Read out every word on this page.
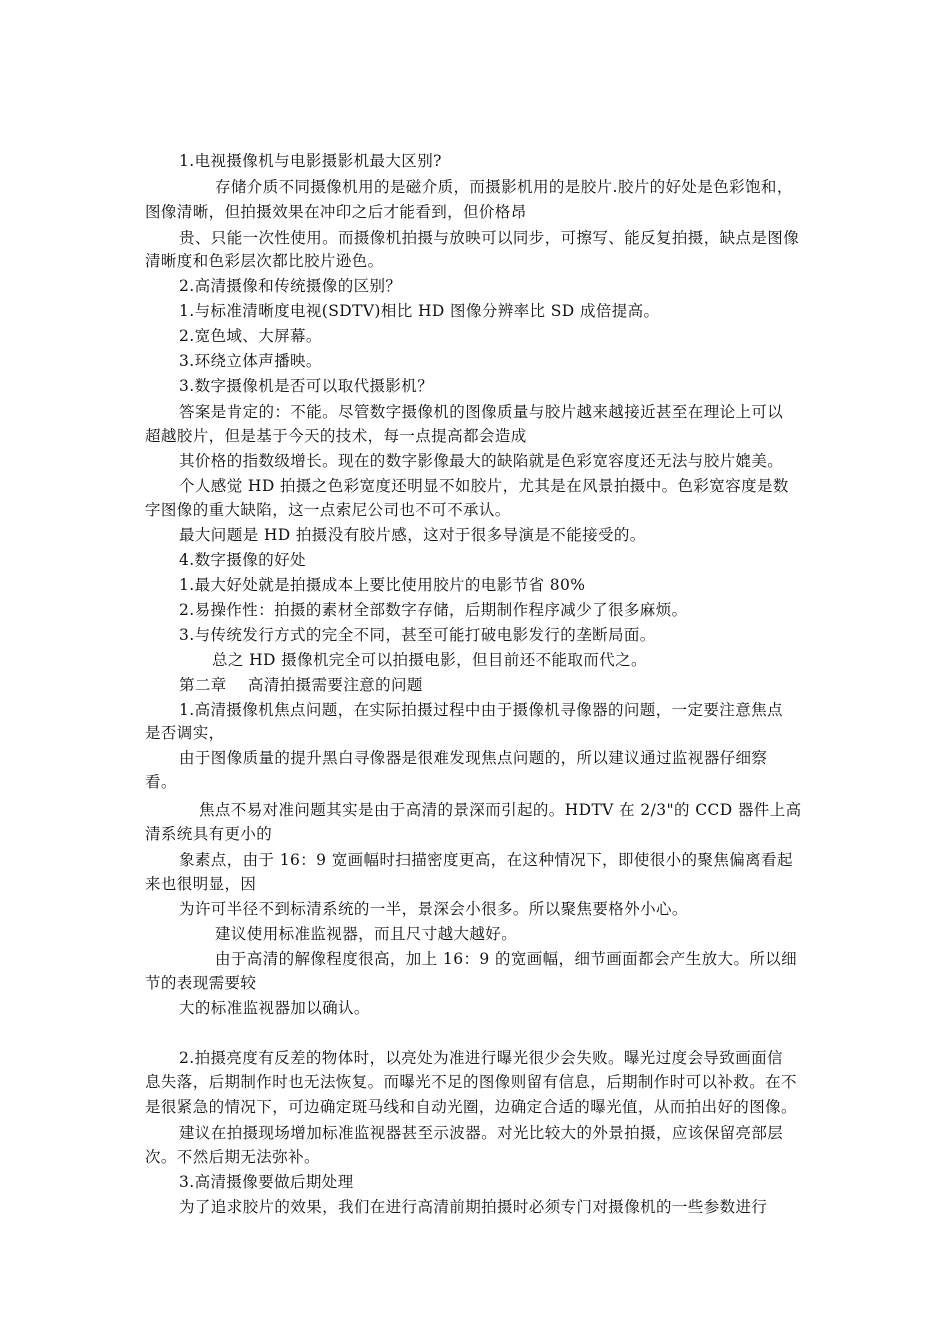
1.电视摄像机与电影摄影机最大区别?
存储介质不同摄像机用的是磁介质，而摄影机用的是胶片.胶片的好处是色彩饱和，
图像清晰，但拍摄效果在冲印之后才能看到，但价格昂
贵、只能一次性使用。而摄像机拍摄与放映可以同步，可擦写、能反复拍摄，缺点是图像
清晰度和色彩层次都比胶片逊色。
2.高清摄像和传统摄像的区别？
1.与标准清晰度电视(SDTV)相比 HD 图像分辨率比 SD 成倍提高。
2.宽色域、大屏幕。
3.环绕立体声播映。
3.数字摄像机是否可以取代摄影机？
答案是肯定的：不能。尽管数字摄像机的图像质量与胶片越来越接近甚至在理论上可以
超越胶片，但是基于今天的技术，每一点提高都会造成
其价格的指数级增长。现在的数字影像最大的缺陷就是色彩宽容度还无法与胶片媲美。
个人感觉 HD 拍摄之色彩宽度还明显不如胶片，尤其是在风景拍摄中。色彩宽容度是数
字图像的重大缺陷，这一点索尼公司也不可不承认。
最大问题是 HD 拍摄没有胶片感，这对于很多导演是不能接受的。
4.数字摄像的好处
1.最大好处就是拍摄成本上要比使用胶片的电影节省 80%
2.易操作性：拍摄的素材全部数字存储，后期制作程序减少了很多麻烦。
3.与传统发行方式的完全不同，甚至可能打破电影发行的垄断局面。
总之 HD 摄像机完全可以拍摄电影，但目前还不能取而代之。
第二章　 高清拍摄需要注意的问题
1.高清摄像机焦点问题，在实际拍摄过程中由于摄像机寻像器的问题，一定要注意焦点
是否调实，
由于图像质量的提升黑白寻像器是很难发现焦点问题的，所以建议通过监视器仔细察
看。
焦点不易对准问题其实是由于高清的景深而引起的。HDTV 在 2/3"的 CCD 器件上高
清系统具有更小的
象素点，由于 16：9 宽画幅时扫描密度更高，在这种情况下，即使很小的聚焦偏离看起
来也很明显，因
为许可半径不到标清系统的一半，景深会小很多。所以聚焦要格外小心。
建议使用标准监视器，而且尺寸越大越好。
由于高清的解像程度很高，加上 16：9 的宽画幅，细节画面都会产生放大。所以细
节的表现需要较
大的标准监视器加以确认。
2.拍摄亮度有反差的物体时，以亮处为准进行曝光很少会失败。曝光过度会导致画面信
息失落，后期制作时也无法恢复。而曝光不足的图像则留有信息，后期制作时可以补救。在不
是很紧急的情况下，可边确定斑马线和自动光圈，边确定合适的曝光值，从而拍出好的图像。
建议在拍摄现场增加标准监视器甚至示波器。对光比较大的外景拍摄，应该保留亮部层
次。不然后期无法弥补。
3.高清摄像要做后期处理
为了追求胶片的效果，我们在进行高清前期拍摄时必须专门对摄像机的一些参数进行
